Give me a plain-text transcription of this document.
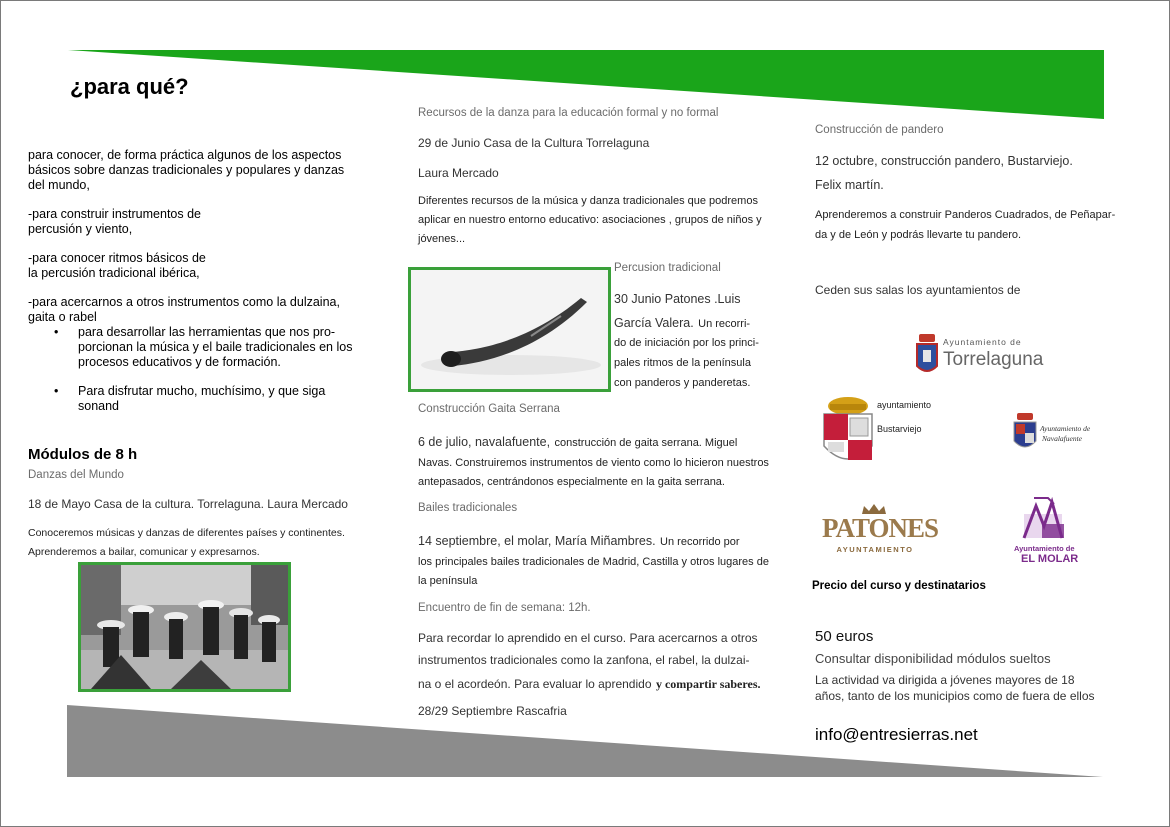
¿para qué?
para conocer, de forma práctica algunos de los aspectos
básicos sobre danzas tradicionales y populares y danzas
del mundo,
-para construir instrumentos de
percusión y viento,
-para conocer ritmos básicos de
la percusión tradicional ibérica,
-para acercarnos a otros instrumentos como la dulzaina,
gaita o rabel
•	para desarrollar las herramientas que nos pro-
porcionan la música y el baile tradicionales en los
procesos educativos y de formación.
•	Para disfrutar mucho, muchísimo, y que siga
sonand
Módulos de 8 h
Danzas del Mundo
18 de Mayo Casa de la cultura. Torrelaguna. Laura Mercado
Conoceremos músicas y danzas de diferentes países y continentes.
Aprenderemos a bailar, comunicar y expresarnos.
Recursos de la danza para la educación formal y no formal
29 de Junio Casa de la Cultura Torrelaguna
Laura Mercado
Diferentes recursos de la música y danza tradicionales que podremos
aplicar en nuestro entorno educativo: asociaciones , grupos de niños y
jóvenes...
Percusion tradicional
30 Junio Patones .Luis
García Valera. Un recorri-
do de iniciación por los princi-
pales ritmos de la península
con panderos y panderetas.
Construcción Gaita Serrana
6 de julio, navalafuente, construcción de gaita serrana. Miguel
Navas. Construiremos instrumentos de viento como lo hicieron nuestros
antepasados, centrándonos especialmente en la gaita serrana.
Bailes tradicionales
14 septiembre, el molar, María Miñambres. Un recorrido por
los principales bailes tradicionales de Madrid, Castilla y otros lugares de
la península
Encuentro de fin de semana: 12h.
Para recordar lo aprendido en el curso. Para acercarnos a otros
instrumentos tradicionales como la zanfona, el rabel, la dulzai-
na o el acordeón. Para evaluar lo aprendido y compartir saberes.
28/29 Septiembre Rascafria
Construcción de pandero
12 octubre, construcción pandero, Bustarviejo.
Felix martín.
Aprenderemos a construir Panderos Cuadrados, de Peñapar-
da y de León y podrás llevarte tu pandero.
Ceden sus salas los ayuntamientos de
Ayuntamiento de
Torrelaguna
ayuntamiento
Bustarviejo	Ayuntamiento de
Navalafuente
PATONES
AYUNTAMIENTO	Ayuntamiento de
EL MOLAR
Precio del curso y destinatarios
50 euros
Consultar disponibilidad módulos sueltos
La actividad va dirigida a jóvenes mayores de 18
años, tanto de los municipios como de fuera de ellos
info@entresierras.net
